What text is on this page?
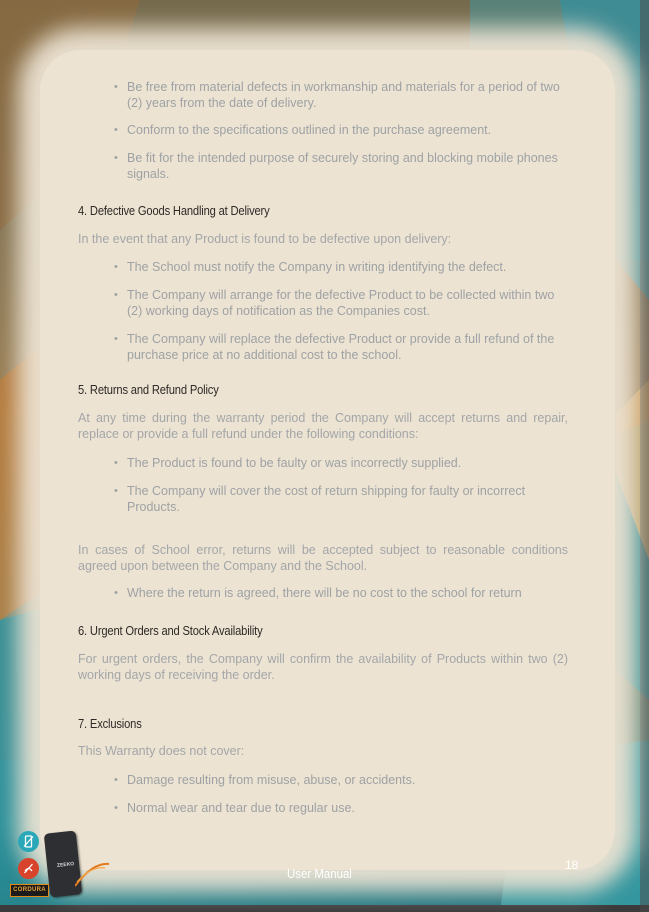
• Be free from material defects in workmanship and materials for a period of two (2) years from the date of delivery.
• Conform to the specifications outlined in the purchase agreement.
• Be fit for the intended purpose of securely storing and blocking mobile phones signals.
4. Defective Goods Handling at Delivery
In the event that any Product is found to be defective upon delivery:
• The School must notify the Company in writing identifying the defect.
• The Company will arrange for the defective Product to be collected within two (2) working days of notification as the Companies cost.
• The Company will replace the defective Product or provide a full refund of the purchase price at no additional cost to the school.
5. Returns and Refund Policy
At any time during the warranty period the Company will accept returns and repair, replace or provide a full refund under the following conditions:
• The Product is found to be faulty or was incorrectly supplied.
• The Company will cover the cost of return shipping for faulty or incorrect Products.
In cases of School error, returns will be accepted subject to reasonable conditions agreed upon between the Company and the School.
• Where the return is agreed, there will be no cost to the school for return
6. Urgent Orders and Stock Availability
For urgent orders, the Company will confirm the availability of Products within two (2) working days of receiving the order.
7. Exclusions
This Warranty does not cover:
• Damage resulting from misuse, abuse, or accidents.
• Normal wear and tear due to regular use.
CORDURA
ZEEKO
User Manual
18
